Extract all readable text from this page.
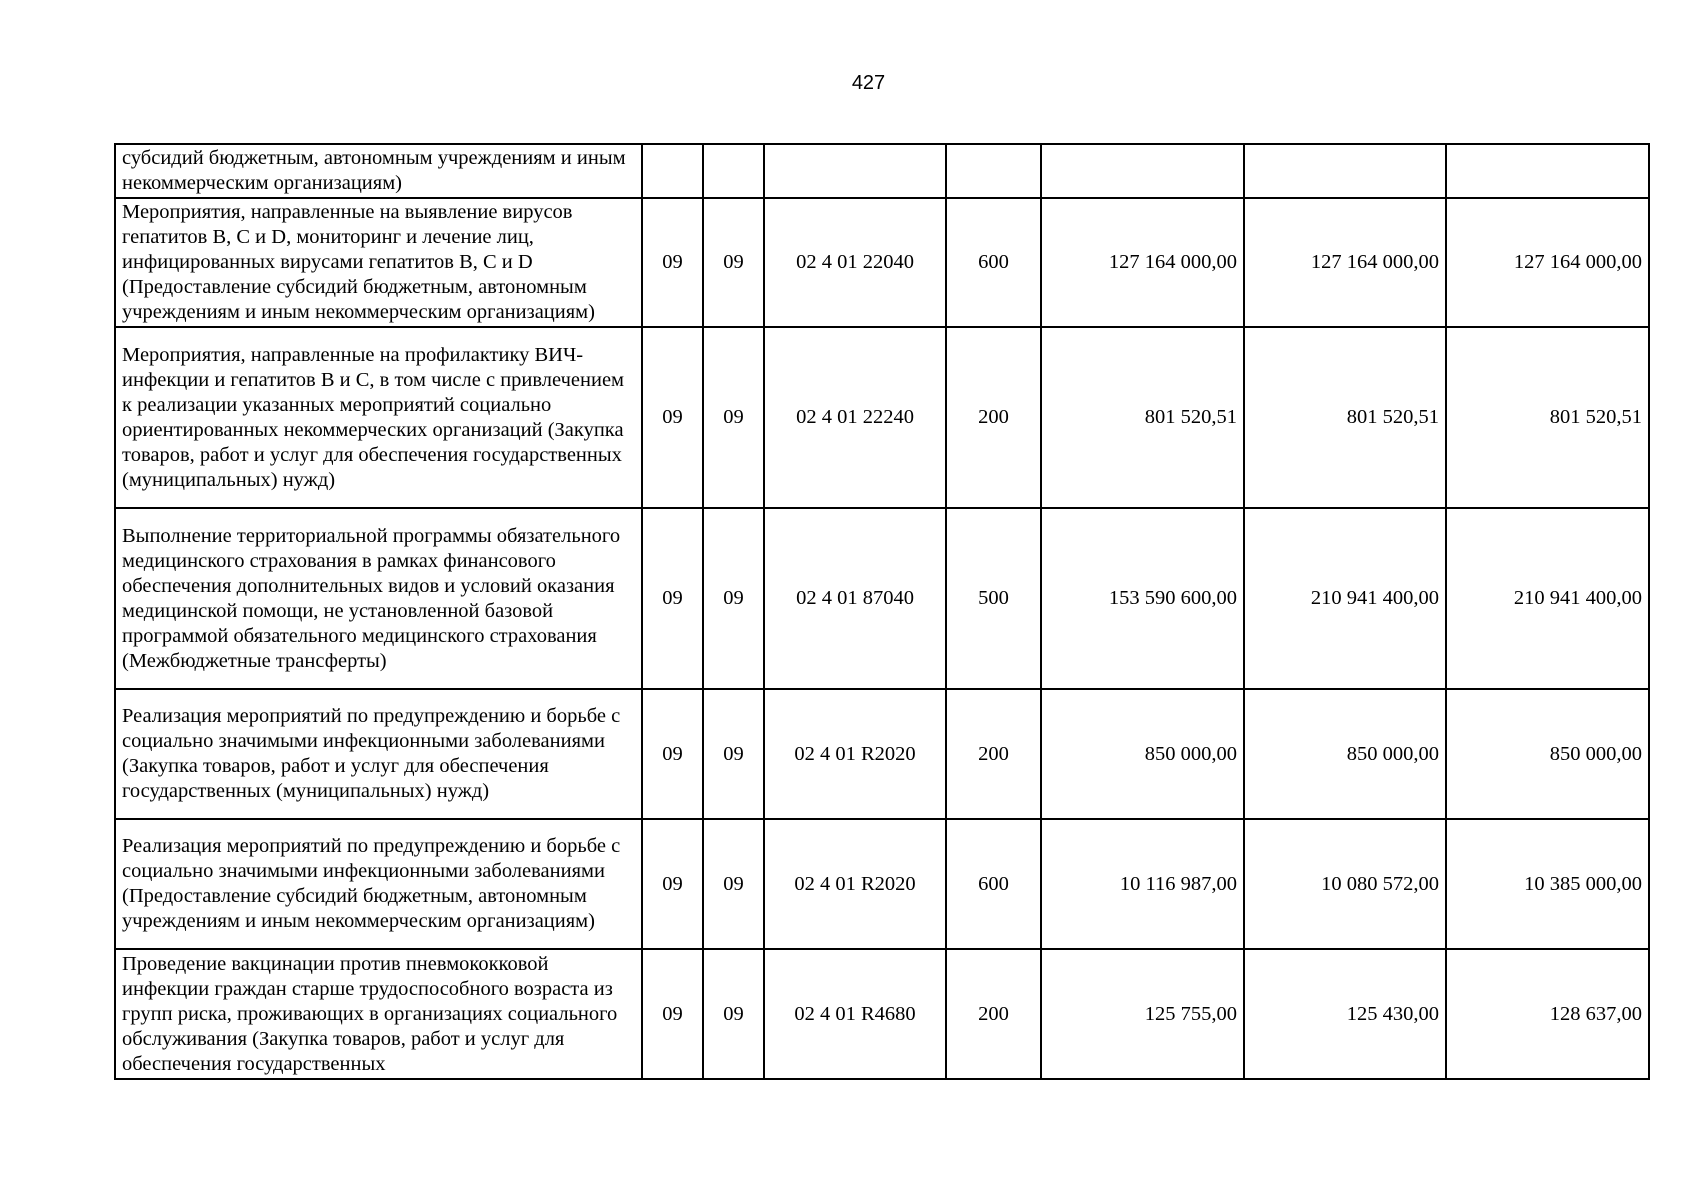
427
субсидий бюджетным, автономным учреждениям и иным некоммерческим организациям)							
Мероприятия, направленные на выявление вирусов гепатитов B, C и D, мониторинг и лечение лиц, инфицированных вирусами гепатитов B, C и D (Предоставление субсидий бюджетным, автономным учреждениям и иным некоммерческим организациям)	09	09	02 4 01 22040	600	127 164 000,00	127 164 000,00	127 164 000,00
Мероприятия, направленные на профилактику ВИЧ-инфекции и гепатитов B и C, в том числе с привлечением к реализации указанных мероприятий социально ориентированных некоммерческих организаций (Закупка товаров, работ и услуг для обеспечения государственных (муниципальных) нужд)	09	09	02 4 01 22240	200	801 520,51	801 520,51	801 520,51
Выполнение территориальной программы обязательного медицинского страхования в рамках финансового обеспечения дополнительных видов и условий оказания медицинской помощи, не установленной базовой программой обязательного медицинского страхования (Межбюджетные трансферты)	09	09	02 4 01 87040	500	153 590 600,00	210 941 400,00	210 941 400,00
Реализация мероприятий по предупреждению и борьбе с социально значимыми инфекционными заболеваниями (Закупка товаров, работ и услуг для обеспечения государственных (муниципальных) нужд)	09	09	02 4 01 R2020	200	850 000,00	850 000,00	850 000,00
Реализация мероприятий по предупреждению и борьбе с социально значимыми инфекционными заболеваниями (Предоставление субсидий бюджетным, автономным учреждениям и иным некоммерческим организациям)	09	09	02 4 01 R2020	600	10 116 987,00	10 080 572,00	10 385 000,00
Проведение вакцинации против пневмококковой инфекции граждан старше трудоспособного возраста из групп риска, проживающих в организациях социального обслуживания (Закупка товаров, работ и услуг для обеспечения государственных	09	09	02 4 01 R4680	200	125 755,00	125 430,00	128 637,00
